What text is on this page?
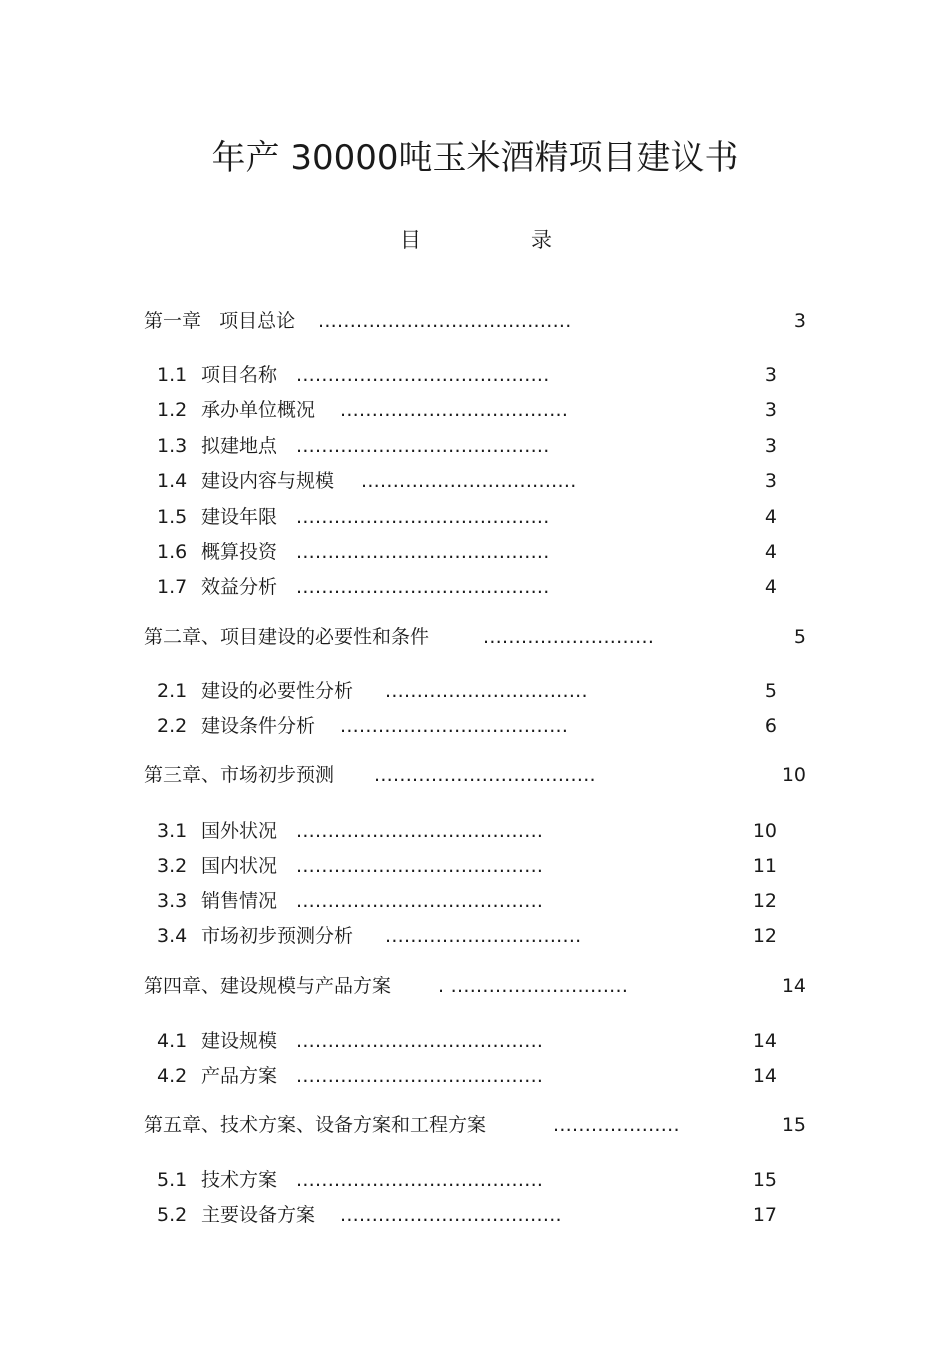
年产 30000吨玉米酒精项目建议书
目	录
第一章   项目总论 ........................................	3
1.1 项目名称 ........................................	3
1.2 承办单位概况 ....................................	3
1.3 拟建地点 ........................................	3
1.4 建设内容与规模 ..................................	3
1.5 建设年限 ........................................	4
1.6 概算投资 ........................................	4
1.7 效益分析 ........................................	4
第二章、项目建设的必要性和条件	...........................	5
2.1 建设的必要性分析 ................................	5
2.2 建设条件分析 ....................................	6
第三章、市场初步预测 ...................................	10
3.1 国外状况 .......................................	10
3.2 国内状况 .......................................	11
3.3 销售情况 .......................................	12
3.4 市场初步预测分析 ...............................	12
第四章、建设规模与产品方案 . ............................	14
4.1 建设规模 .......................................	14
4.2 产品方案 .......................................	14
第五章、技术方案、设备方案和工程方案	....................	15
5.1 技术方案 .......................................	15
5.2 主要设备方案 ...................................	17
